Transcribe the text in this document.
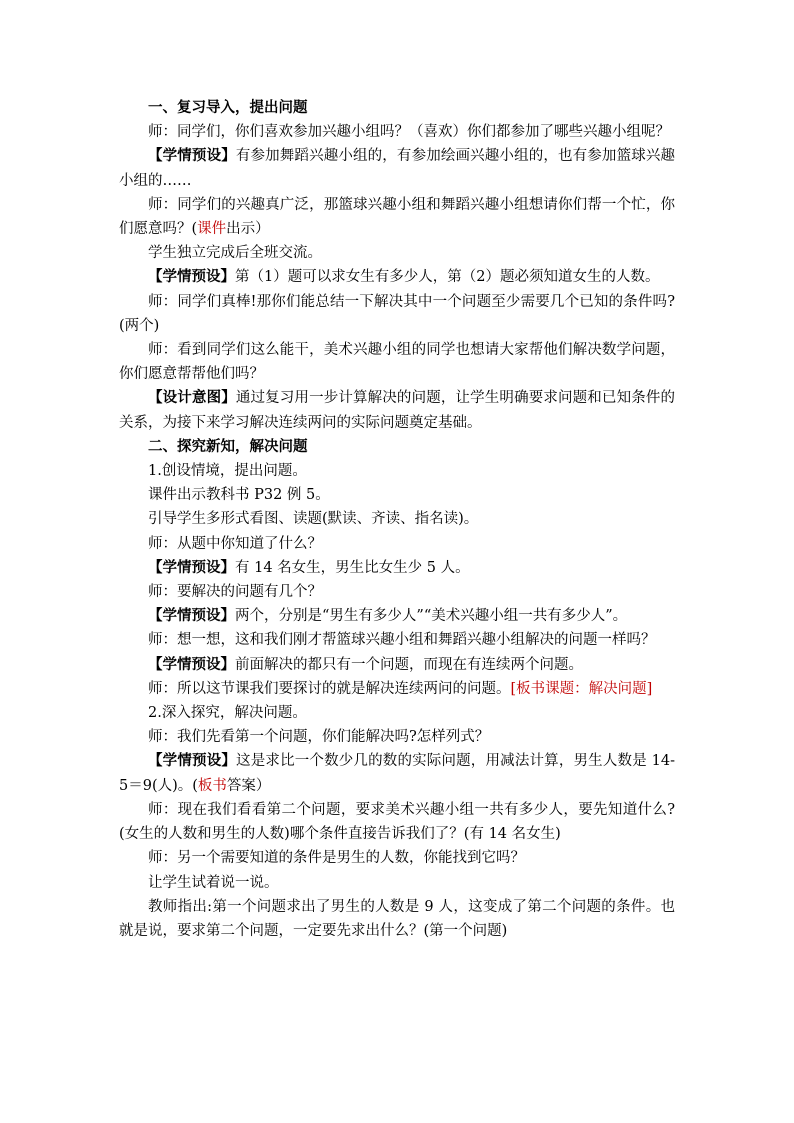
一、复习导入，提出问题

师：同学们，你们喜欢参加兴趣小组吗？（喜欢）你们都参加了哪些兴趣小组呢？

【学情预设】有参加舞蹈兴趣小组的，有参加绘画兴趣小组的，也有参加篮球兴趣小组的……

师：同学们的兴趣真广泛，那篮球兴趣小组和舞蹈兴趣小组想请你们帮一个忙，你们愿意吗？(课件出示）

学生独立完成后全班交流。

【学情预设】第（1）题可以求女生有多少人，第（2）题必须知道女生的人数。

师：同学们真棒!那你们能总结一下解决其中一个问题至少需要几个已知的条件吗?(两个)

师：看到同学们这么能干，美术兴趣小组的同学也想请大家帮他们解决数学问题，你们愿意帮帮他们吗？

【设计意图】通过复习用一步计算解决的问题，让学生明确要求问题和已知条件的关系，为接下来学习解决连续两问的实际问题奠定基础。

二、探究新知，解决问题

1.创设情境，提出问题。

课件出示教科书 P32 例 5。

引导学生多形式看图、读题(默读、齐读、指名读)。

师：从题中你知道了什么？

【学情预设】有 14 名女生，男生比女生少 5 人。

师：要解决的问题有几个？

【学情预设】两个，分别是“男生有多少人”“美术兴趣小组一共有多少人”。

师：想一想，这和我们刚才帮篮球兴趣小组和舞蹈兴趣小组解决的问题一样吗？

【学情预设】前面解决的都只有一个问题，而现在有连续两个问题。

师：所以这节课我们要探讨的就是解决连续两问的问题。[板书课题：解决问题]

2.深入探究，解决问题。

师：我们先看第一个问题，你们能解决吗?怎样列式？

【学情预设】这是求比一个数少几的数的实际问题，用减法计算，男生人数是 14-5＝9(人)。(板书答案）

师：现在我们看看第二个问题，要求美术兴趣小组一共有多少人，要先知道什么?(女生的人数和男生的人数)哪个条件直接告诉我们了？(有 14 名女生)

师：另一个需要知道的条件是男生的人数，你能找到它吗？

让学生试着说一说。

教师指出:第一个问题求出了男生的人数是 9 人，这变成了第二个问题的条件。也就是说，要求第二个问题，一定要先求出什么？(第一个问题)
